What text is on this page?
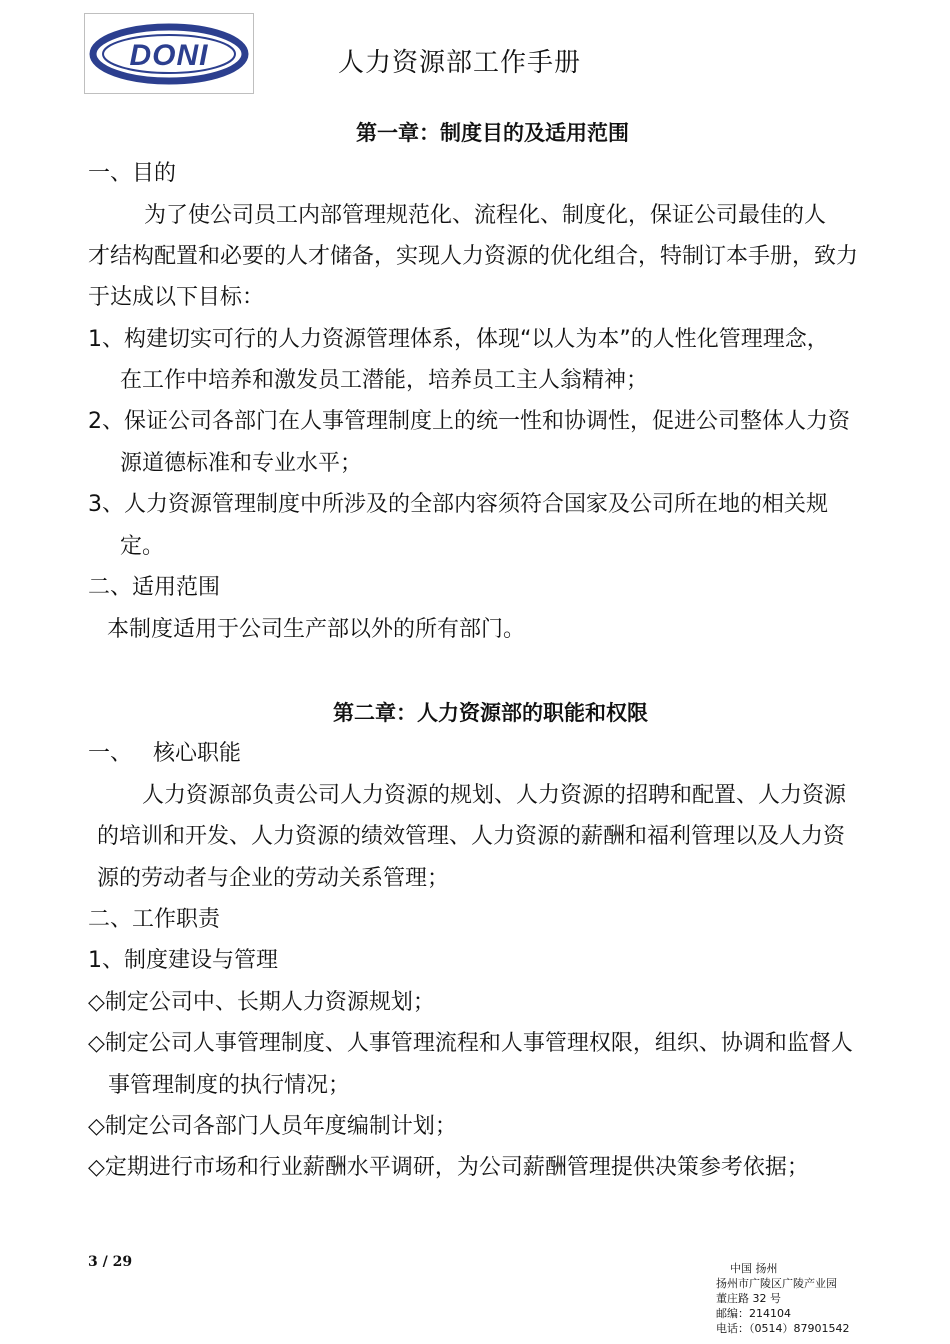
DONI	人力资源部工作手册
第一章：制度目的及适用范围
一、目的
为了使公司员工内部管理规范化、流程化、制度化，保证公司最佳的人
才结构配置和必要的人才储备，实现人力资源的优化组合，特制订本手册，致力
于达成以下目标：
1、构建切实可行的人力资源管理体系，体现“以人为本”的人性化管理理念，
在工作中培养和激发员工潜能，培养员工主人翁精神；
2、保证公司各部门在人事管理制度上的统一性和协调性，促进公司整体人力资
源道德标准和专业水平；
3、人力资源管理制度中所涉及的全部内容须符合国家及公司所在地的相关规
定。
二、适用范围
本制度适用于公司生产部以外的所有部门。
第二章：人力资源部的职能和权限
一、   核心职能
人力资源部负责公司人力资源的规划、人力资源的招聘和配置、人力资源
的培训和开发、人力资源的绩效管理、人力资源的薪酬和福利管理以及人力资
源的劳动者与企业的劳动关系管理；
二、工作职责
1、制度建设与管理
◇制定公司中、长期人力资源规划；
◇制定公司人事管理制度、人事管理流程和人事管理权限，组织、协调和监督人
事管理制度的执行情况；
◇制定公司各部门人员年度编制计划；
◇定期进行市场和行业薪酬水平调研，为公司薪酬管理提供决策参考依据；
3 / 29	中国 扬州
扬州市广陵区广陵产业园
董庄路 32 号
邮编：214104
电话：（0514）87901542
